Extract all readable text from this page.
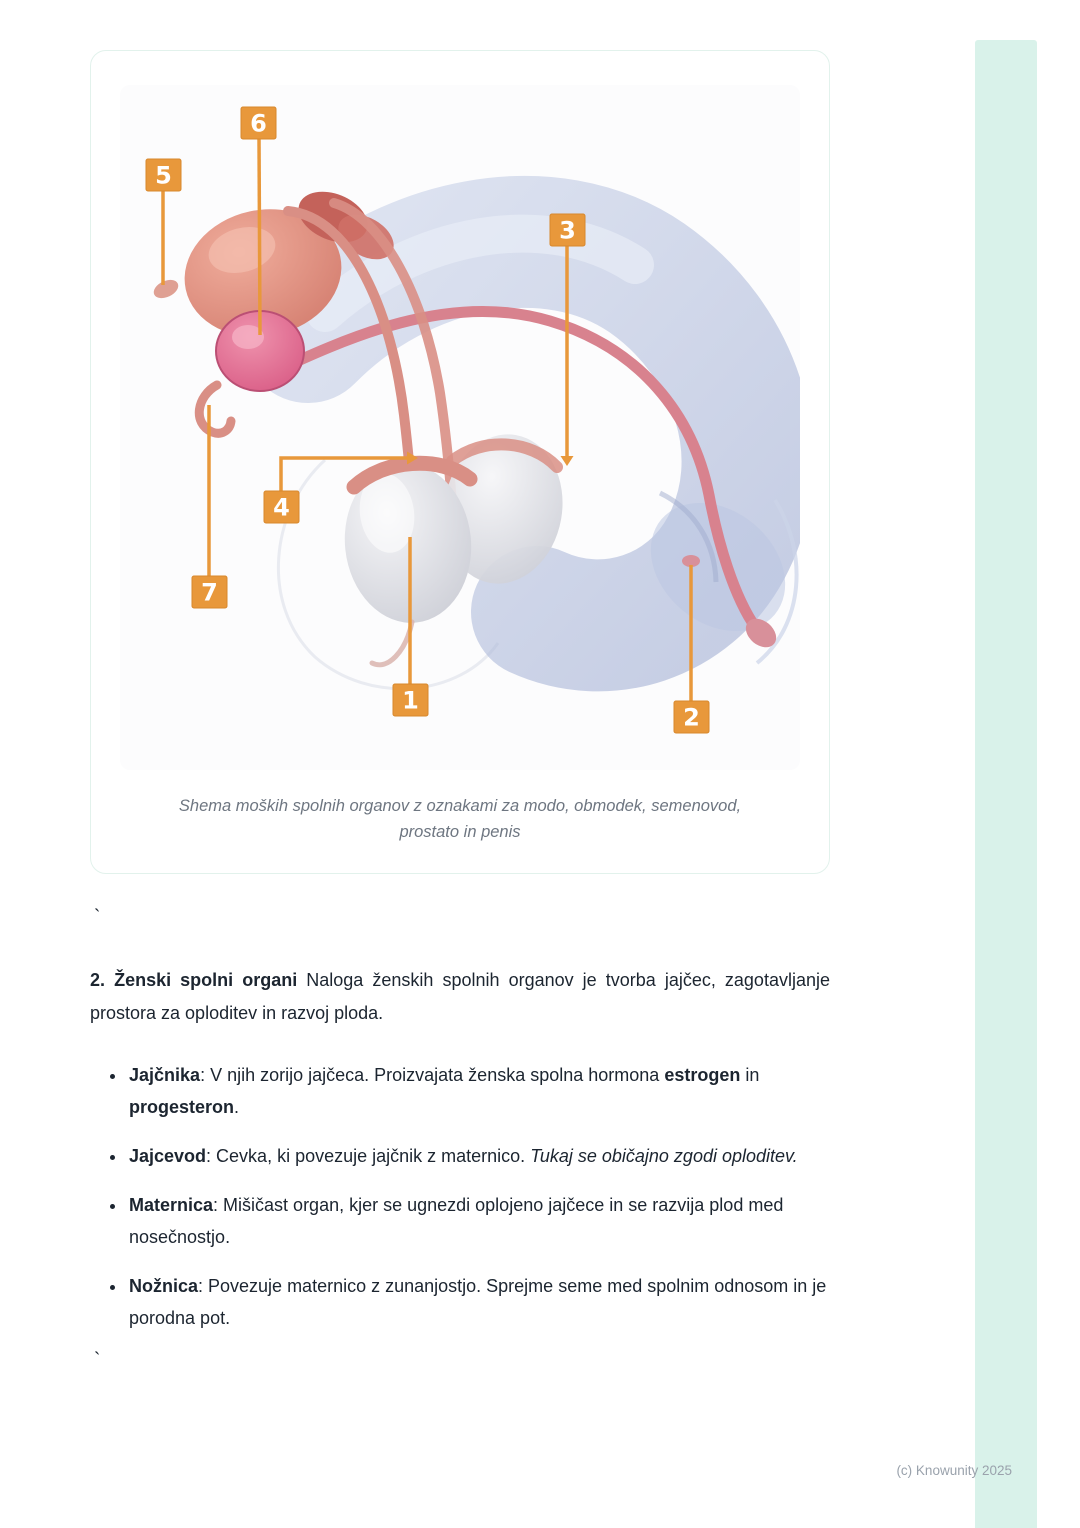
6
5
3
4
7
1
2
Shema moških spolnih organov z oznakami za modo, obmodek, semenovod, prostato in penis
`

2. Ženski spolni organi Naloga ženskih spolnih organov je tvorba jajčec, zagotavljanje prostora za oploditev in razvoj ploda.

• Jajčnika: V njih zorijo jajčeca. Proizvajata ženska spolna hormona estrogen in progesteron.
• Jajcevod: Cevka, ki povezuje jajčnik z maternico. Tukaj se običajno zgodi oploditev.
• Maternica: Mišičast organ, kjer se ugnezdi oplojeno jajčece in se razvija plod med nosečnostjo.
• Nožnica: Povezuje maternico z zunanjostjo. Sprejme seme med spolnim odnosom in je porodna pot.
`
(c) Knowunity 2025
